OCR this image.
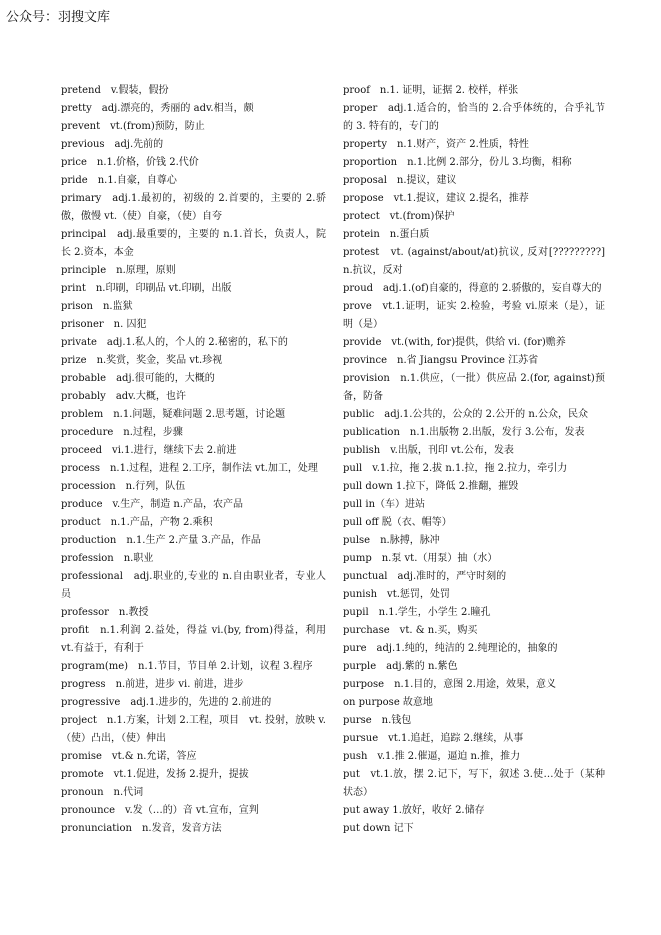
公众号：羽搜文库
pretend　v.假装，假扮
pretty　adj.漂亮的，秀丽的 adv.相当，颇
prevent　vt.(from)预防，防止
previous　adj.先前的
price　n.1.价格，价钱 2.代价
pride　n.1.自豪，自尊心
primary　adj.1.最初的，初级的 2.首要的，主要的 2.骄傲，傲慢 vt.（使）自豪，（使）自夸
principal　adj.最重要的，主要的 n.1.首长，负责人，院长 2.资本，本金
principle　n.原理，原则
print　n.印刷，印刷品 vt.印刷，出版
prison　n.监狱
prisoner　n. 囚犯
private　adj.1.私人的，个人的 2.秘密的，私下的
prize　n.奖赏，奖金，奖品 vt.珍视
probable　adj.很可能的，大概的
probably　adv.大概，也许
problem　n.1.问题，疑难问题 2.思考题，讨论题
procedure　n.过程，步骤
proceed　vi.1.进行，继续下去 2.前进
process　n.1.过程，进程 2.工序，制作法 vt.加工，处理
procession　n.行列，队伍
produce　v.生产，制造 n.产品，农产品
product　n.1.产品，产物 2.乘积
production　n.1.生产 2.产量 3.产品，作品
profession　n.职业
professional　adj.职业的,专业的 n.自由职业者，专业人员
professor　n.教授
profit　n.1.利润 2.益处，得益 vi.(by, from)得益，利用 vt.有益于，有利于
program(me)　n.1.节目，节目单 2.计划，议程 3.程序
progress　n.前进，进步 vi. 前进，进步
progressive　adj.1.进步的，先进的 2.前进的
project　n.1.方案，计划 2.工程，项目　vt. 投射，放映 v.（使）凸出，（使）伸出
promise　vt.& n.允诺，答应
promote　vt.1.促进，发扬 2.提升，提拔
pronoun　n.代词
pronounce　v.发（…的）音 vt.宣布，宣判
pronunciation　n.发音，发音方法
proof　n.1. 证明，证据 2. 校样，样张
proper　adj.1.适合的，恰当的 2.合乎体统的，合乎礼节的 3. 特有的，专门的
property　n.1.财产，资产 2.性质，特性
proportion　n.1.比例 2.部分，份儿 3.均衡，相称
proposal　n.提议，建议
propose　vt.1.提议，建议 2.提名，推荐
protect　vt.(from)保护
protein　n.蛋白质
protest　vt. (against/about/at)抗议, 反对[?????????] n.抗议，反对
proud　adj.1.(of)自豪的，得意的 2.骄傲的，妄自尊大的
prove　vt.1.证明，证实 2.检验，考验 vi.原来（是），证明（是）
provide　vt.(with, for)提供，供给 vi. (for)赡养
province　n.省 Jiangsu Province 江苏省
provision　n.1.供应，（一批）供应品 2.(for, against)预备，防备
public　adj.1.公共的，公众的 2.公开的 n.公众，民众
publication　n.1.出版物 2.出版，发行 3.公布，发表
publish　v.出版，刊印 vt.公布，发表
pull　v.1.拉，拖 2.拔 n.1.拉，拖 2.拉力，牵引力
pull down 1.拉下，降低 2.推翻，摧毁
pull in（车）进站
pull off 脱（衣、帽等）
pulse　n.脉搏，脉冲
pump　n.泵 vt.（用泵）抽（水）
punctual　adj.准时的，严守时刻的
punish　vt.惩罚，处罚
pupil　n.1.学生，小学生 2.瞳孔
purchase　vt. & n.买，购买
pure　adj.1.纯的，纯洁的 2.纯理论的，抽象的
purple　adj.紫的 n.紫色
purpose　n.1.目的，意图 2.用途，效果，意义
on purpose 故意地
purse　n.钱包
pursue　vt.1.追赶，追踪 2.继续，从事
push　v.1.推 2.催逼，逼迫 n.推，推力
put　vt.1.放，摆 2.记下，写下，叙述 3.使…处于（某种状态）
put away 1.放好，收好 2.储存
put down 记下
